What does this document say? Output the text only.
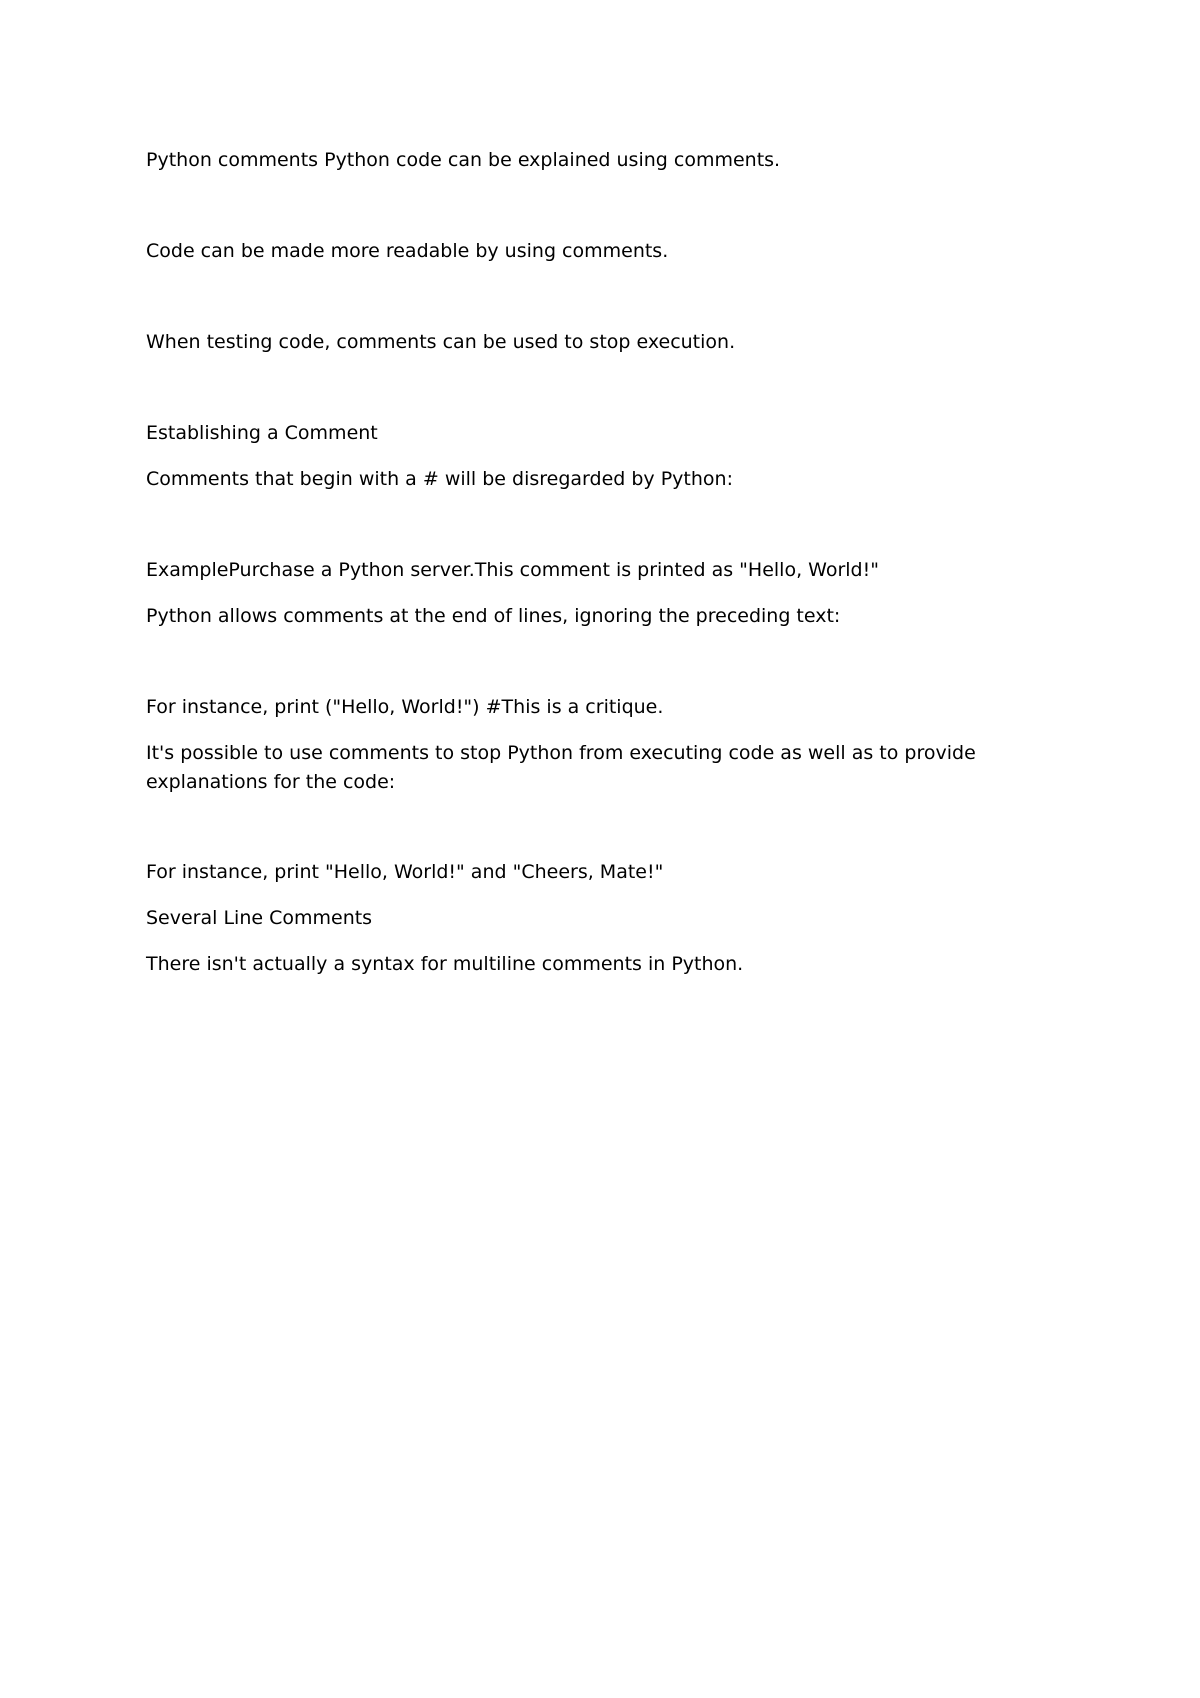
Python comments Python code can be explained using comments.

Code can be made more readable by using comments.

When testing code, comments can be used to stop execution.

Establishing a Comment

Comments that begin with a # will be disregarded by Python:

ExamplePurchase a Python server.This comment is printed as "Hello, World!"

Python allows comments at the end of lines, ignoring the preceding text:

For instance, print ("Hello, World!") #This is a critique.

It's possible to use comments to stop Python from executing code as well as to provide explanations for the code:

For instance, print "Hello, World!" and "Cheers, Mate!"

Several Line Comments

There isn't actually a syntax for multiline comments in Python.
